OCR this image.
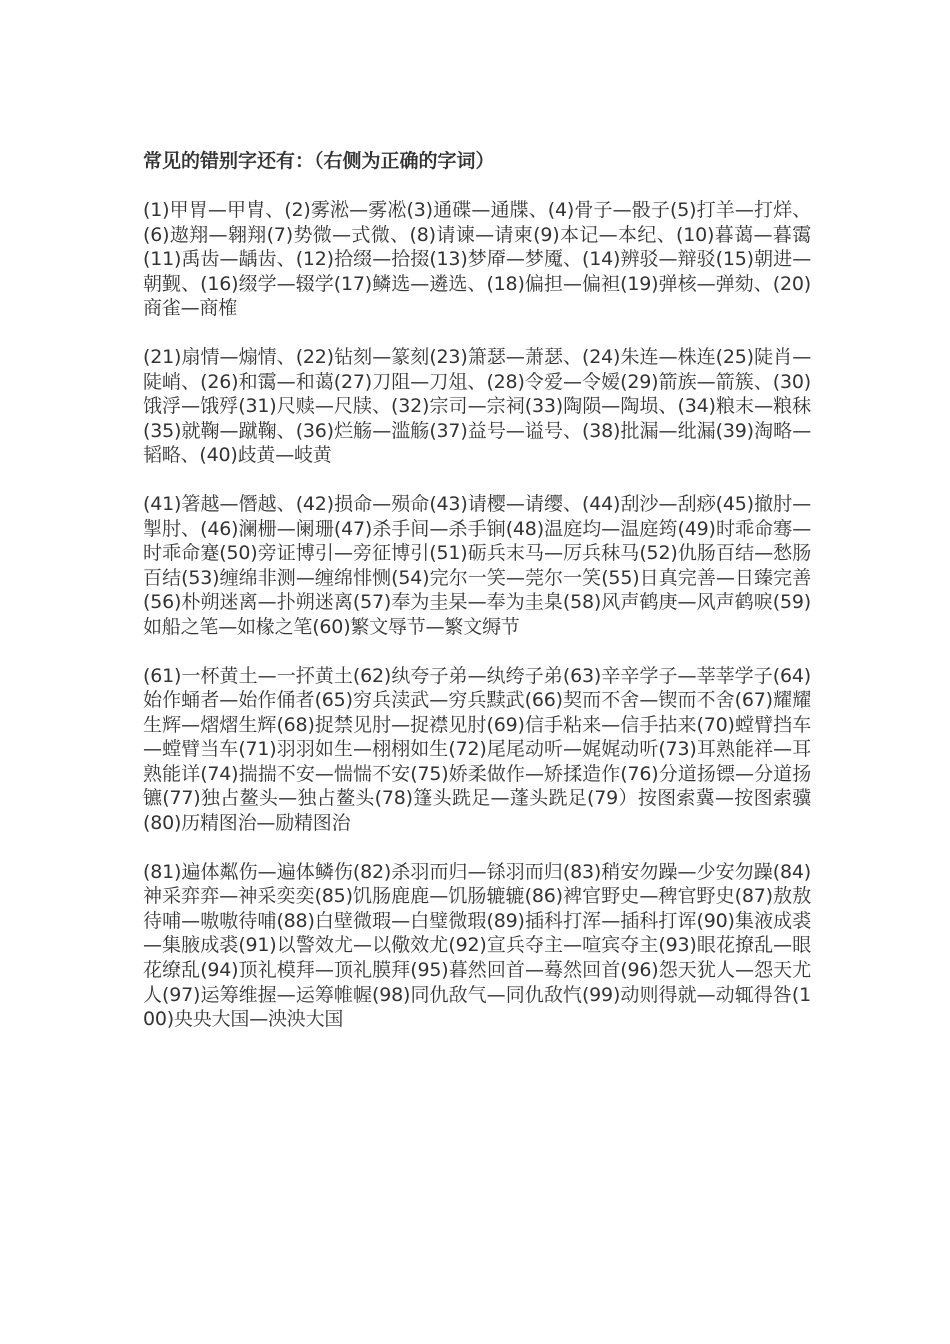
常见的错别字还有：（右侧为正确的字词）
(1)甲胃—甲胄、(2)雾淞—雾凇(3)通碟—通牒、(4)骨子—骰子(5)打羊—打烊、(6)遨翔—翱翔(7)势微—式微、(8)请谏—请柬(9)本记—本纪、(10)暮蔼—暮霭(11)禹齿—龋齿、(12)拾缀—拾掇(13)梦厣—梦魇、(14)辨驳—辩驳(15)朝进—朝觐、(16)缀学—辍学(17)鳞选—遴选、(18)偏担—偏袒(19)弹核—弹劾、(20)商雀—商榷
(21)扇情—煽情、(22)钻刻—篆刻(23)箫瑟—萧瑟、(24)朱连—株连(25)陡肖—陡峭、(26)和霭—和蔼(27)刀阻—刀俎、(28)令爱—令嫒(29)箭族—箭簇、(30)饿浮—饿殍(31)尺赎—尺牍、(32)宗司—宗祠(33)陶陨—陶埙、(34)粮末—粮秣(35)就鞠—蹴鞠、(36)烂觞—滥觞(37)益号—谥号、(38)批漏—纰漏(39)淘略—韬略、(40)歧黄—岐黄
(41)箸越—僭越、(42)损命—殒命(43)请樱—请缨、(44)刮沙—刮痧(45)撤肘—掣肘、(46)澜栅—阑珊(47)杀手间—杀手锏(48)温庭均—温庭筠(49)时乖命骞—时乖命蹇(50)旁证博引—旁征博引(51)砺兵末马—厉兵秣马(52)仇肠百结—愁肠百结(53)缠绵非测—缠绵悱恻(54)完尔一笑—莞尔一笑(55)日真完善—日臻完善(56)朴朔迷离—扑朔迷离(57)奉为圭杲—奉为圭臬(58)风声鹤庚—风声鹤唳(59)如船之笔—如椽之笔(60)繁文辱节—繁文缛节
(61)一杯黄土—一抔黄土(62)纨夸子弟—纨绔子弟(63)辛辛学子—莘莘学子(64)始作蛹者—始作俑者(65)穷兵渎武—穷兵黩武(66)契而不舍—锲而不舍(67)耀耀生辉—熠熠生辉(68)捉禁见肘—捉襟见肘(69)信手粘来—信手拈来(70)螳臂挡车—螳臂当车(71)羽羽如生—栩栩如生(72)尾尾动听—娓娓动听(73)耳熟能祥—耳熟能详(74)揣揣不安—惴惴不安(75)娇柔做作—矫揉造作(76)分道扬镖—分道扬镳(77)独占鳌头—独占鳌头(78)篷头跣足—蓬头跣足(79）按图索冀—按图索骥(80)历精图治—励精图治
(81)遍体粼伤—遍体鳞伤(82)杀羽而归—铩羽而归(83)稍安勿躁—少安勿躁(84)神采弈弈—神采奕奕(85)饥肠鹿鹿—饥肠辘辘(86)裨官野史—稗官野史(87)敖敖待哺—嗷嗷待哺(88)白壁微瑕—白璧微瑕(89)插科打浑—插科打诨(90)集液成裘—集腋成裘(91)以警效尤—以儆效尤(92)宣兵夺主—喧宾夺主(93)眼花撩乱—眼花缭乱(94)顶礼模拜—顶礼膜拜(95)暮然回首—蓦然回首(96)怨天犹人—怨天尤人(97)运筹维握—运筹帷幄(98)同仇敌气—同仇敌忾(99)动则得就—动辄得咎(100)央央大国—泱泱大国
